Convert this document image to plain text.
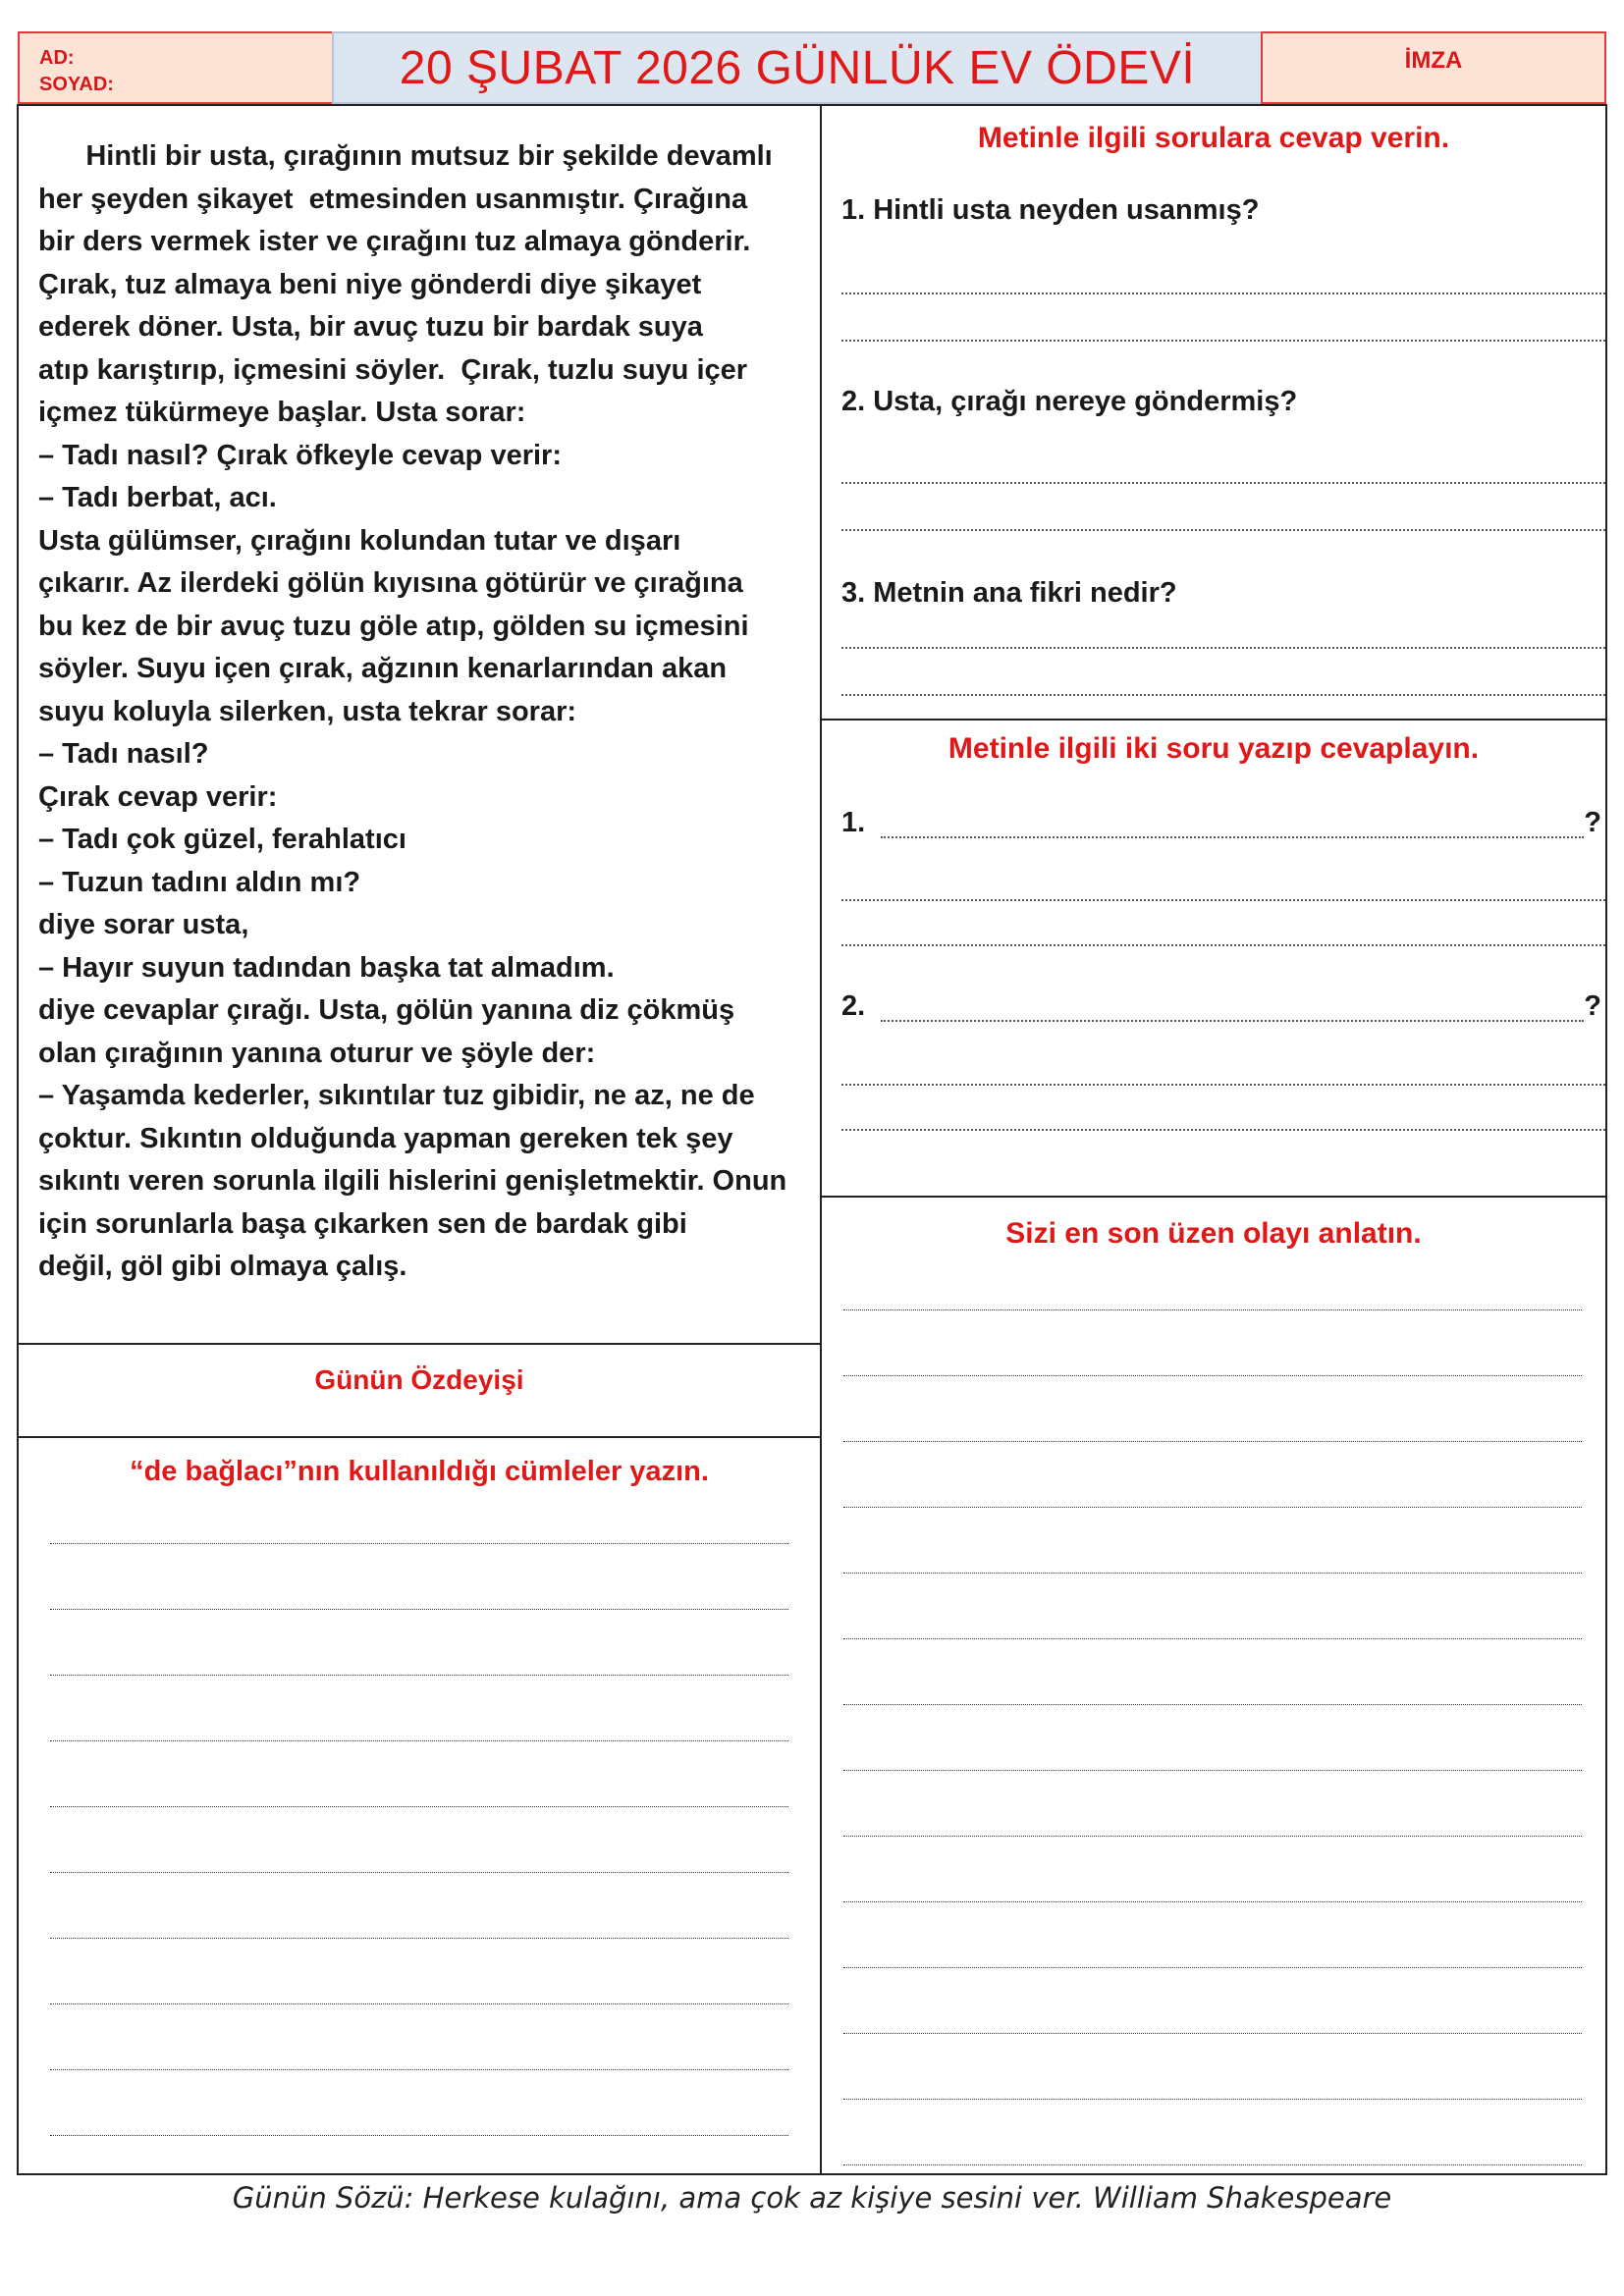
AD:
SOYAD:	20 ŞUBAT 2026 GÜNLÜK EV ÖDEVİ	İMZA

Hintli bir usta, çırağının mutsuz bir şekilde devamlı

her şeyden şikayet  etmesinden usanmıştır. Çırağına

bir ders vermek ister ve çırağını tuz almaya gönderir.

Çırak, tuz almaya beni niye gönderdi diye şikayet

ederek döner. Usta, bir avuç tuzu bir bardak suya

atıp karıştırıp, içmesini söyler.  Çırak, tuzlu suyu içer

içmez tükürmeye başlar. Usta sorar:

– Tadı nasıl? Çırak öfkeyle cevap verir:

– Tadı berbat, acı.

Usta gülümser, çırağını kolundan tutar ve dışarı

çıkarır. Az ilerdeki gölün kıyısına götürür ve çırağına

bu kez de bir avuç tuzu göle atıp, gölden su içmesini

söyler. Suyu içen çırak, ağzının kenarlarından akan

suyu koluyla silerken, usta tekrar sorar:

– Tadı nasıl?

Çırak cevap verir:

– Tadı çok güzel, ferahlatıcı

– Tuzun tadını aldın mı?

diye sorar usta,

– Hayır suyun tadından başka tat almadım.

diye cevaplar çırağı. Usta, gölün yanına diz çökmüş

olan çırağının yanına oturur ve şöyle der:

– Yaşamda kederler, sıkıntılar tuz gibidir, ne az, ne de

çoktur. Sıkıntın olduğunda yapman gereken tek şey

sıkıntı veren sorunla ilgili hislerini genişletmektir. Onun

için sorunlarla başa çıkarken sen de bardak gibi

değil, göl gibi olmaya çalış.

Günün Özdeyişi
“de bağlacı”nın kullanıldığı cümleler yazın.
Metinle ilgili sorulara cevap verin.
1. Hintli usta neyden usanmış?
2. Usta, çırağı nereye göndermiş?
3. Metnin ana fikri nedir?
Metinle ilgili iki soru yazıp cevaplayın.
1.	?
2.	?
Sizi en son üzen olayı anlatın.
Günün Sözü: Herkese kulağını, ama çok az kişiye sesini ver. William Shakespeare
